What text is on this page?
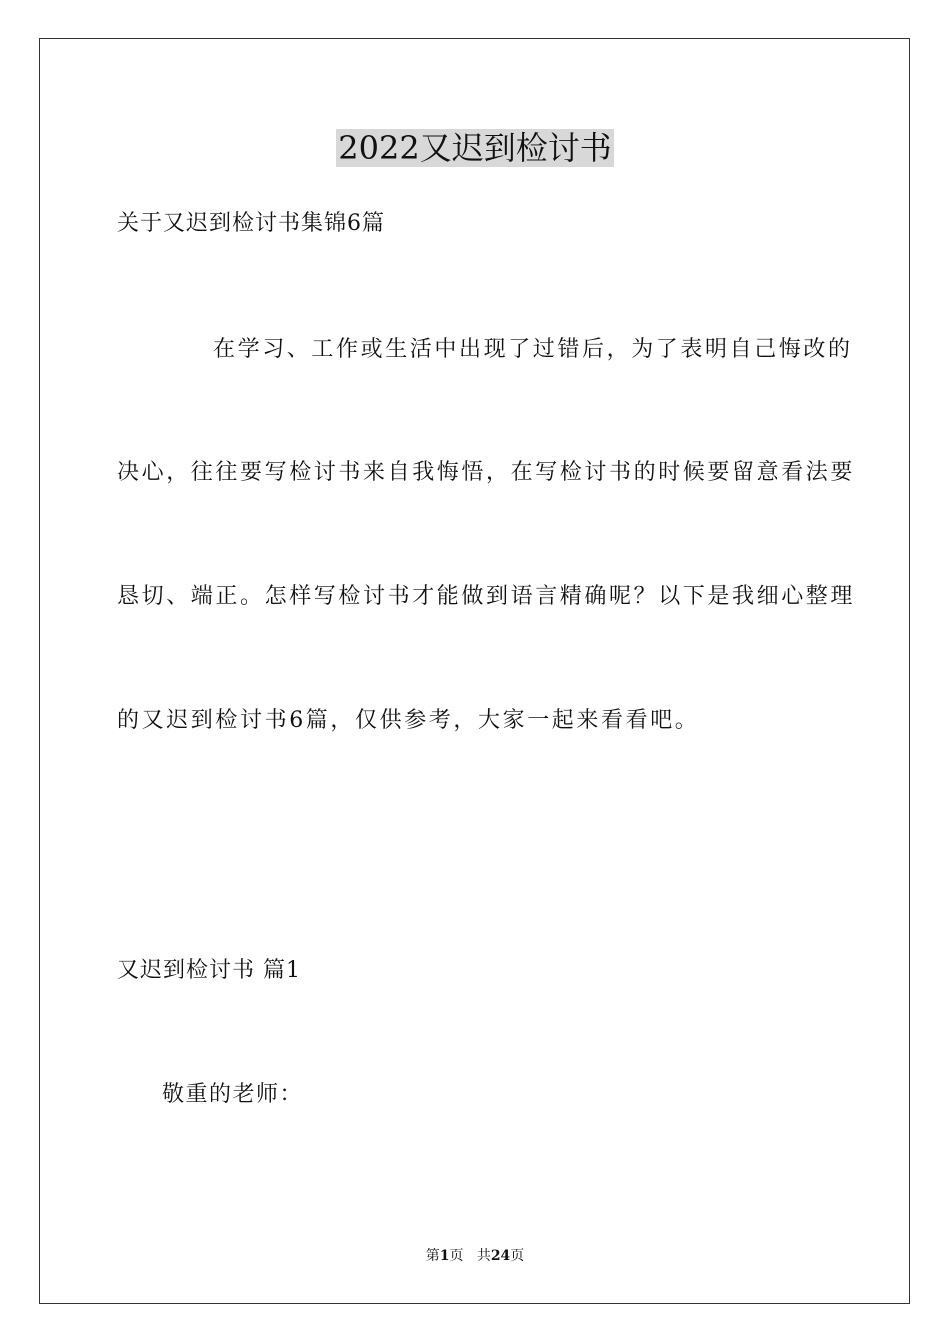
2022又迟到检讨书
关于又迟到检讨书集锦6篇
在学习、工作或生活中出现了过错后，为了表明自己悔改的
决心，往往要写检讨书来自我悔悟，在写检讨书的时候要留意看法要
恳切、端正。怎样写检讨书才能做到语言精确呢？以下是我细心整理
的又迟到检讨书6篇，仅供参考，大家一起来看看吧。
又迟到检讨书 篇1
敬重的老师：
第1页 共24页
